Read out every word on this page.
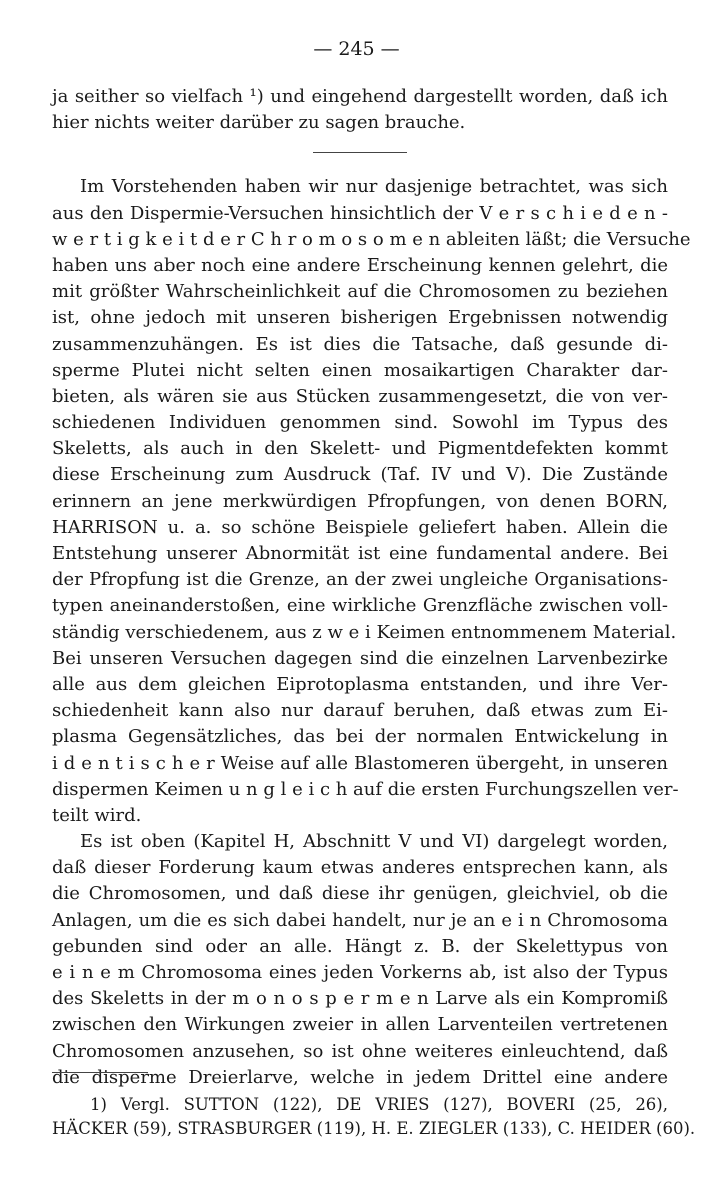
— 245 —
ja seither so vielfach ¹) und eingehend dargestellt worden, daß ich
hier nichts weiter darüber zu sagen brauche.
Im Vorstehenden haben wir nur dasjenige betrachtet, was sich
aus den Dispermie-Versuchen hinsichtlich der V e r s c h i e d e n -
w e r t i g k e i t d e r C h r o m o s o m e n ableiten läßt; die Versuche
haben uns aber noch eine andere Erscheinung kennen gelehrt, die
mit größter Wahrscheinlichkeit auf die Chromosomen zu beziehen
ist, ohne jedoch mit unseren bisherigen Ergebnissen notwendig
zusammenzuhängen. Es ist dies die Tatsache, daß gesunde di-
sperme Plutei nicht selten einen mosaikartigen Charakter dar-
bieten, als wären sie aus Stücken zusammengesetzt, die von ver-
schiedenen Individuen genommen sind. Sowohl im Typus des
Skeletts, als auch in den Skelett- und Pigmentdefekten kommt
diese Erscheinung zum Ausdruck (Taf. IV und V). Die Zustände
erinnern an jene merkwürdigen Pfropfungen, von denen BORN,
HARRISON u. a. so schöne Beispiele geliefert haben. Allein die
Entstehung unserer Abnormität ist eine fundamental andere. Bei
der Pfropfung ist die Grenze, an der zwei ungleiche Organisations-
typen aneinanderstoßen, eine wirkliche Grenzfläche zwischen voll-
ständig verschiedenem, aus z w e i Keimen entnommenem Material.
Bei unseren Versuchen dagegen sind die einzelnen Larvenbezirke
alle aus dem gleichen Eiprotoplasma entstanden, und ihre Ver-
schiedenheit kann also nur darauf beruhen, daß etwas zum Ei-
plasma Gegensätzliches, das bei der normalen Entwickelung in
i d e n t i s c h e r Weise auf alle Blastomeren übergeht, in unseren
dispermen Keimen u n g l e i c h auf die ersten Furchungszellen ver-
teilt wird.
Es ist oben (Kapitel H, Abschnitt V und VI) dargelegt worden,
daß dieser Forderung kaum etwas anderes entsprechen kann, als
die Chromosomen, und daß diese ihr genügen, gleichviel, ob die
Anlagen, um die es sich dabei handelt, nur je an e i n Chromosoma
gebunden sind oder an alle. Hängt z. B. der Skelettypus von
e i n e m Chromosoma eines jeden Vorkerns ab, ist also der Typus
des Skeletts in der m o n o s p e r m e n Larve als ein Kompromiß
zwischen den Wirkungen zweier in allen Larventeilen vertretenen
Chromosomen anzusehen, so ist ohne weiteres einleuchtend, daß
die disperme Dreierlarve, welche in jedem Drittel eine andere
1) Vergl. SUTTON (122), DE VRIES (127), BOVERI (25, 26),
HÄCKER (59), STRASBURGER (119), H. E. ZIEGLER (133), C. HEIDER (60).
